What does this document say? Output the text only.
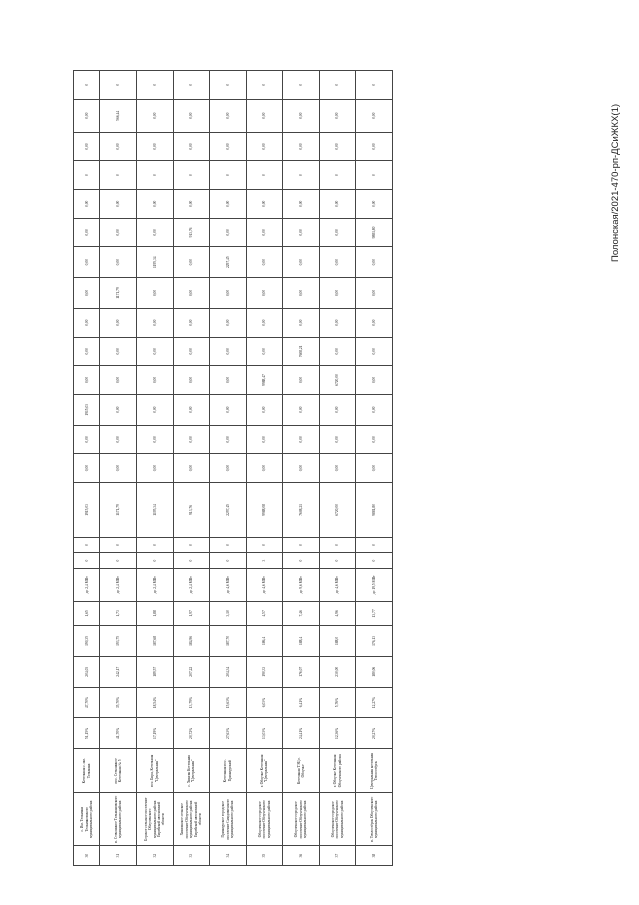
Полонская/2021-470-рп-ДСиЖКХ(1)
30	с. Им. Тельмана Тельмановского муниципального района	Котельная с. им. Тельмана	51,15%	47,70%	204,03	190,35	1,65	до 2,4 МВт	0	0	1915,03	0,00	0,00	1915,03	0,00	0,00	0,00	0,00	0,00	0,00	0,00	0	0,00	0,00	0
31	п. Стеклянное Тельмановского муниципального района	пос. Стеклянное Котельная № 5	41,70%	35,70%	242,17	193,75	1,73	до 2,4 МВт	0	0	1171,79	0,00	0,00	0,00	0,00	0,00	0,00	1171,79	0,00	0,00	0,00	0	0,00	566,44	0
32	Борское сельское поселение Облученского муниципального района Еврейской автономной области	пос. Бира, Котельная "Центральная"	17,19%	18,54%	189,57	187,68	1,88	до 2,4 МВт	0	0	1195,34	0,00	0,00	0,00	0,00	0,00	0,00	0,00	1195,34	0,00	0,00	0	0,00	0,00	0
33	Хинганское сельское поселение Облученского муниципального района Еврейской автономной области	с. Хинган Котельная "Центральная"	20,72%	13,79%	207,22	184,96	1,97	до 2,4 МВт	0	0	913,76	0,00	0,00	0,00	0,00	0,00	0,00	0,00	0,00	913,76	0,00	0	0,00	0,00	0
34	Приамурское городское поселение Смидовичского муниципального района	Котельная пос. Приамурский	27,63%	15,63%	204,34	187,70	3,10	до 4,6 МВт	0	0	2297,45	0,00	0,00	0,00	0,00	0,00	0,00	0,00	2297,45	0,00	0,00	0	0,00	0,00	0
35	Облученское городское поселение Облученского муниципального района	г. Облучье Котельная "Центральная"	13,03%	6,03%	190,33	186,4	4,57	до 4,6 МВт	3	0	9988,08	0,00	0,00	0,00	9988,47	0,00	0,00	0,00	0,00	0,00	0,00	0	0,00	0,00	0
36	Облученское городское поселение Облученского муниципального района	Котельная ТЭЦ г. Облучье	24,41%	6,41%	176,07	188,4	7,46	до 9,6 МВт	0	0	7608,21	0,00	0,00	0,00	0,00	7608,21	0,00	0,00	0,00	0,00	0,00	0	0,00	0,00	0
37	Облученское городское поселение Облученского муниципального района	г. Облучье Котельная Облученского района	12,36%	5,76%	230,00	188,0	4,96	до 4,6 МВт	0	0	6720,00	0,00	0,00	0,00	6720,00	0,00	0,00	0,00	0,00	0,00	0,00	0	0,00	0,00	0
38	п. Теплоозёрск Облученского муниципального района	Центральная котельная Теплоозёрск	20,27%	12,27%	180,06	176,13	13,77	до 19,5 МВт	0	0	9881,80	0,00	0,00	0,00	0,00	0,00	0,00	0,00	0,00	9881,80	0,00	0	0,00	0,00	0
